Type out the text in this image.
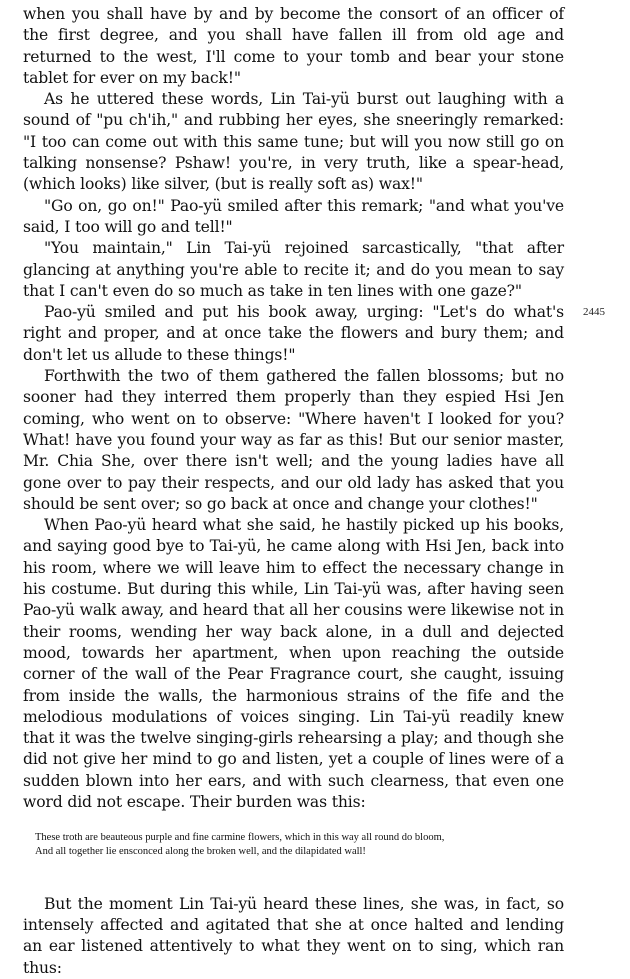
when you shall have by and by become the consort of an officer of the first degree, and you shall have fallen ill from old age and returned to the west, I'll come to your tomb and bear your stone tablet for ever on my back!"

As he uttered these words, Lin Tai-yü burst out laughing with a sound of "pu ch'ih," and rubbing her eyes, she sneeringly remarked: "I too can come out with this same tune; but will you now still go on talking nonsense? Pshaw! you're, in very truth, like a spear-head, (which looks) like silver, (but is really soft as) wax!"

"Go on, go on!" Pao-yü smiled after this remark; "and what you've said, I too will go and tell!"

"You maintain," Lin Tai-yü rejoined sarcastically, "that after glancing at anything you're able to recite it; and do you mean to say that I can't even do so much as take in ten lines with one gaze?"

Pao-yü smiled and put his book away, urging: "Let's do what's right and proper, and at once take the flowers and bury them; and don't let us allude to these things!"

Forthwith the two of them gathered the fallen blossoms; but no sooner had they interred them properly than they espied Hsi Jen coming, who went on to observe: "Where haven't I looked for you? What! have you found your way as far as this! But our senior master, Mr. Chia She, over there isn't well; and the young ladies have all gone over to pay their respects, and our old lady has asked that you should be sent over; so go back at once and change your clothes!"

When Pao-yü heard what she said, he hastily picked up his books, and saying good bye to Tai-yü, he came along with Hsi Jen, back into his room, where we will leave him to effect the necessary change in his costume. But during this while, Lin Tai-yü was, after having seen Pao-yü walk away, and heard that all her cousins were likewise not in their rooms, wending her way back alone, in a dull and dejected mood, towards her apartment, when upon reaching the outside corner of the wall of the Pear Fragrance court, she caught, issuing from inside the walls, the harmonious strains of the fife and the melodious modulations of voices singing. Lin Tai-yü readily knew that it was the twelve singing-girls rehearsing a play; and though she did not give her mind to go and listen, yet a couple of lines were of a sudden blown into her ears, and with such clearness, that even one word did not escape. Their burden was this:

These troth are beauteous purple and fine carmine flowers, which in this way all round do bloom,
And all together lie ensconced along the broken well, and the dilapidated wall!

But the moment Lin Tai-yü heard these lines, she was, in fact, so intensely affected and agitated that she at once halted and lending an ear listened attentively to what they went on to sing, which ran thus:

2445
